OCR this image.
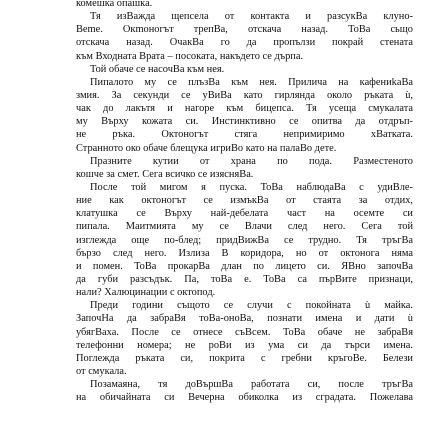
комешка опашка.
Тя изВажда щепсела от контакта и разсукВа клуно-
Bеme. Окmоногът трепВа, отскача назад. ТоВа сьщо
отскача назад. ОчакВа го да пропълзи покрай стената
към Входната Врата – посоката, накъдето се дърпа.
Той обаче се насочВа към нея.
Пипалото му се плъзВа към нея. Прилича на кафениkaВа
змия. За секунди се уВиВа като гирлянда около ръката ù,
чак до лакътя и нагоре към бицепса. Тя усеща смукалата
му Върху кожата си. Инстинктивно се опитва да отдръп-
не ръка. Октоногът стяга непримиримо хВатката.
Странното око обаче блещука игриВо като на палаВо дете.
Празните кутии от храна по пода. Разместеното
кошче за смет. Сега всичко се изясняВа.
После той мигом я пуска. ТоВа наблюдаВа с удиВле-
ние как октоногът се измъкВа от стаята за отдих,
клатушка се Върху най-дебелата част на осемте си
пипала. Маитмията му се Влачи след него. Сега той
изглежда още по-блед; придВижВа се трудно. Тя тръгВа
бързо след него. Излиза В коридора, но от октонога няма
и помен. ТоВа прокарВа длан по лицето си. ЯВно започВа
да губи разсъдък. Па, тоВа е. ТоВа са пърВите признаци,
нали? Халюцинации с октопод.
Преди години същото се случи с покойната ù майка.
ЗапочНа да забраВя тоВа-оноВа, познати имена и дати ù
убягВаха. После се отнесе съВсем. ТоВа обаче не забраВя
телефонни номера; не роВи из ума си да търси имена.
Поглежда ръката си, покрита с гребни кръгоВе. Белези
от смукала.
Позамаяна, тя доВършВа работата си, после тръгВа
на обичайната си Вечерна обиколка из сградата. Пожелава
